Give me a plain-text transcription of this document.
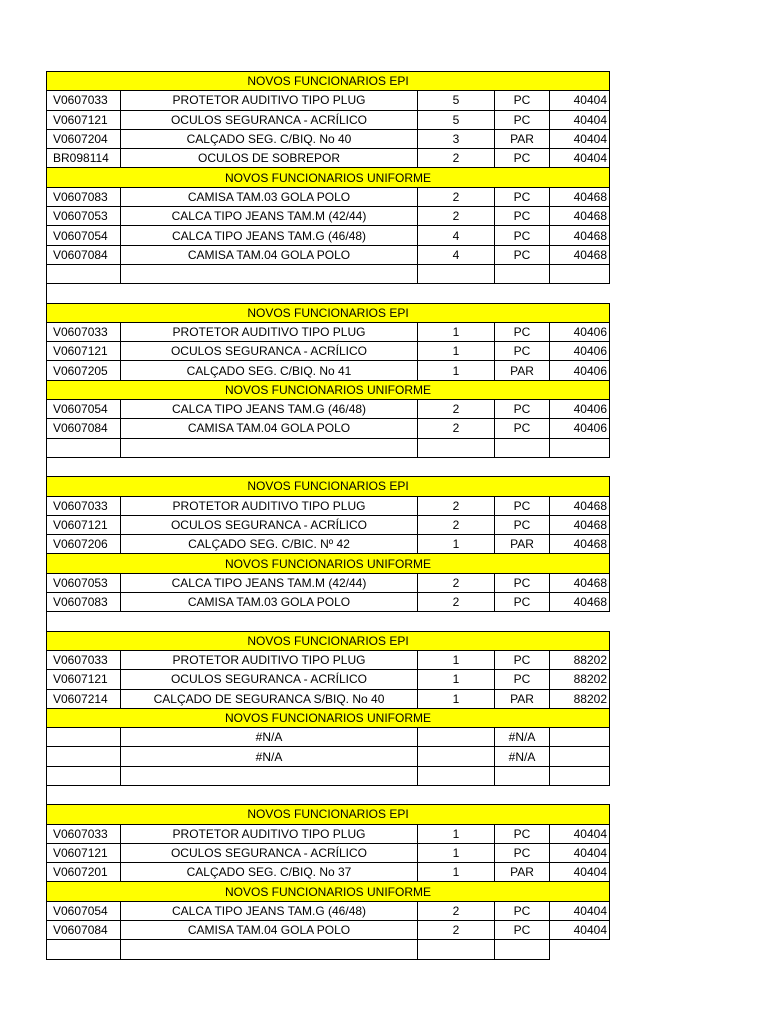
NOVOS FUNCIONARIOS EPI				
V0607033	PROTETOR AUDITIVO TIPO PLUG	5	PC	40404
V0607121	OCULOS SEGURANCA - ACRÍLICO	5	PC	40404
V0607204	CALÇADO SEG. C/BIQ. No 40	3	PAR	40404
BR098114	OCULOS DE SOBREPOR	2	PC	40404
NOVOS FUNCIONARIOS UNIFORME				
V0607083	CAMISA TAM.03 GOLA POLO	2	PC	40468
V0607053	CALCA TIPO JEANS TAM.M (42/44)	2	PC	40468
V0607054	CALCA TIPO JEANS TAM.G (46/48)	4	PC	40468
V0607084	CAMISA TAM.04 GOLA POLO	4	PC	40468

NOVOS FUNCIONARIOS EPI				
V0607033	PROTETOR AUDITIVO TIPO PLUG	1	PC	40406
V0607121	OCULOS SEGURANCA - ACRÍLICO	1	PC	40406
V0607205	CALÇADO SEG. C/BIQ. No 41	1	PAR	40406
NOVOS FUNCIONARIOS UNIFORME				
V0607054	CALCA TIPO JEANS TAM.G (46/48)	2	PC	40406
V0607084	CAMISA TAM.04 GOLA POLO	2	PC	40406

NOVOS FUNCIONARIOS EPI				
V0607033	PROTETOR AUDITIVO TIPO PLUG	2	PC	40468
V0607121	OCULOS SEGURANCA - ACRÍLICO	2	PC	40468
V0607206	CALÇADO SEG. C/BIC. Nº 42	1	PAR	40468
NOVOS FUNCIONARIOS UNIFORME				
V0607053	CALCA TIPO JEANS TAM.M (42/44)	2	PC	40468
V0607083	CAMISA TAM.03 GOLA POLO	2	PC	40468

NOVOS FUNCIONARIOS EPI				
V0607033	PROTETOR AUDITIVO TIPO PLUG	1	PC	88202
V0607121	OCULOS SEGURANCA - ACRÍLICO	1	PC	88202
V0607214	CALÇADO DE SEGURANCA S/BIQ. No 40	1	PAR	88202
NOVOS FUNCIONARIOS UNIFORME				
	#N/A		#N/A	
	#N/A		#N/A	

NOVOS FUNCIONARIOS EPI				
V0607033	PROTETOR AUDITIVO TIPO PLUG	1	PC	40404
V0607121	OCULOS SEGURANCA - ACRÍLICO	1	PC	40404
V0607201	CALÇADO SEG. C/BIQ. No 37	1	PAR	40404
NOVOS FUNCIONARIOS UNIFORME				
V0607054	CALCA TIPO JEANS TAM.G (46/48)	2	PC	40404
V0607084	CAMISA TAM.04 GOLA POLO	2	PC	40404
